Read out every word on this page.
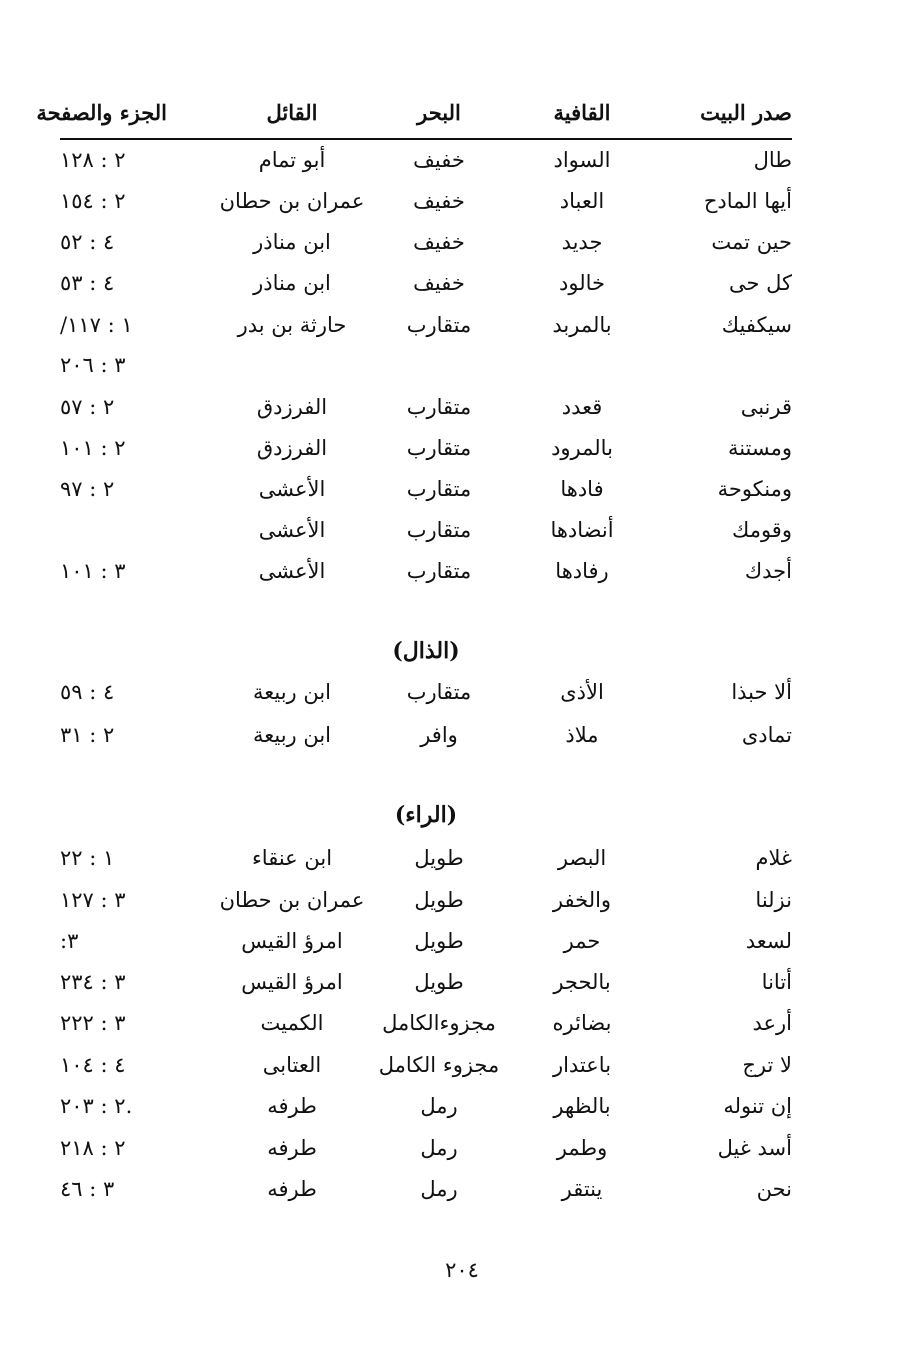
صدر البيت
القافية
البحر
القائل
الجزء والصفحة
طال
السواد
خفيف
أبو تمام
٢ : ١٢٨
أيها المادح
العباد
خفيف
عمران بن حطان
٢ : ١٥٤
حين تمت
جديد
خفيف
ابن مناذر
٤ : ٥٢
كل حى
خالود
خفيف
ابن مناذر
٤ : ٥٣
سيكفيك
بالمربد
متقارب
حارثة بن بدر
١ : ١١٧/
٣ : ٢٠٦
قرنبى
قعدد
متقارب
الفرزدق
٢ : ٥٧
ومستنة
بالمرود
متقارب
الفرزدق
٢ : ١٠١
ومنكوحة
فادها
متقارب
الأعشى
٢ : ٩٧
وقومك
أنضادها
متقارب
الأعشى
أجدك
رفادها
متقارب
الأعشى
٣ : ١٠١
(الذال)
ألا حبذا
الأذى
متقارب
ابن ربيعة
٤ : ٥٩
تمادى
ملاذ
وافر
ابن ربيعة
٢ : ٣١
(الراء)
غلام
البصر
طويل
ابن عنقاء
١ : ٢٢
نزلنا
والخفر
طويل
عمران بن حطان
٣ : ١٢٧
لسعد
حمر
طويل
امرؤ القيس
٣:
أتانا
بالحجر
طويل
امرؤ القيس
٣ : ٢٣٤
أرعد
بضائره
مجزوءالكامل
الكميت
٣ : ٢٢٢
لا ترج
باعتدار
مجزوء الكامل
العتابى
٤ : ١٠٤
إن تنوله
بالظهر
رمل
طرفه
.٢ : ٢٠٣
أسد غيل
وطمر
رمل
طرفه
٢ : ٢١٨
نحن
ينتقر
رمل
طرفه
٣ : ٤٦
٢٠٤
